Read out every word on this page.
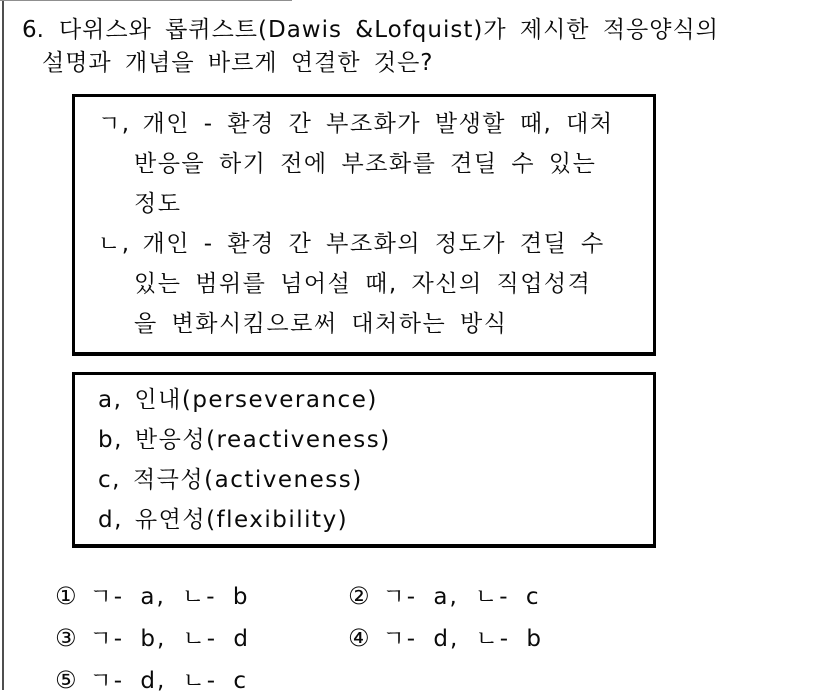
6. 다위스와 롭퀴스트(Dawis &Lofquist)가 제시한 적응양식의
설명과 개념을 바르게 연결한 것은?
ㄱ, 개인 - 환경 간 부조화가 발생할 때, 대처
반응을 하기 전에 부조화를 견딜 수 있는
정도
ㄴ, 개인 - 환경 간 부조화의 정도가 견딜 수
있는 범위를 넘어설 때, 자신의 직업성격
을 변화시킴으로써 대처하는 방식
a, 인내(perseverance)
b, 반응성(reactiveness)
c, 적극성(activeness)
d, 유연성(flexibility)
① ㄱ- a, ㄴ- b	② ㄱ- a, ㄴ- c
③ ㄱ- b, ㄴ- d	④ ㄱ- d, ㄴ- b
⑤ ㄱ- d, ㄴ- c
